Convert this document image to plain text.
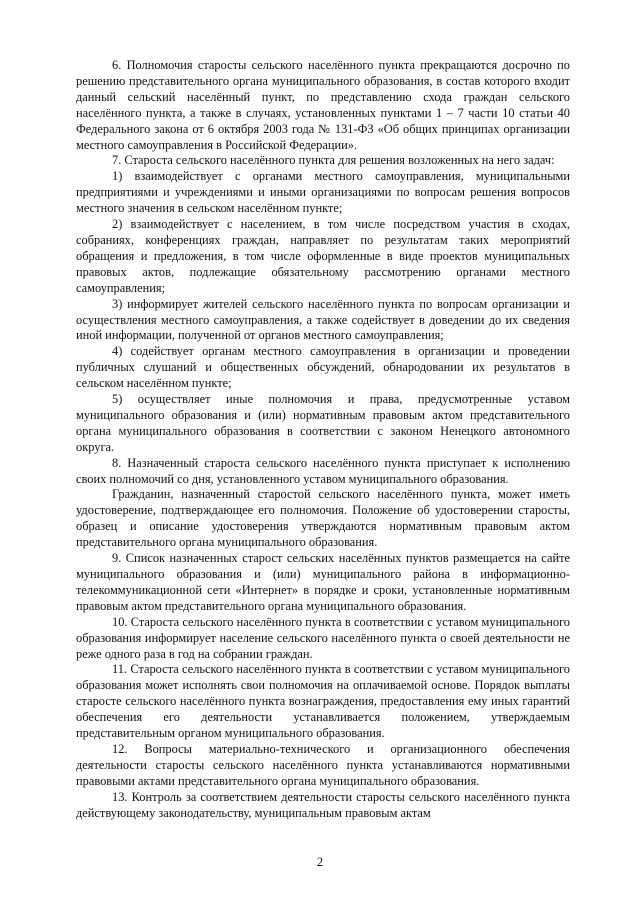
6. Полномочия старосты сельского населённого пункта прекращаются досрочно по решению представительного органа муниципального образования, в состав которого входит данный сельский населённый пункт, по представлению схода граждан сельского населённого пункта, а также в случаях, установленных пунктами 1 – 7 части 10 статьи 40 Федерального закона от 6 октября 2003 года № 131-ФЗ «Об общих принципах организации местного самоуправления в Российской Федерации».

7. Староста сельского населённого пункта для решения возложенных на него задач:

1) взаимодействует с органами местного самоуправления, муниципальными предприятиями и учреждениями и иными организациями по вопросам решения вопросов местного значения в сельском населённом пункте;

2) взаимодействует с населением, в том числе посредством участия в сходах, собраниях, конференциях граждан, направляет по результатам таких мероприятий обращения и предложения, в том числе оформленные в виде проектов муниципальных правовых актов, подлежащие обязательному рассмотрению органами местного самоуправления;

3) информирует жителей сельского населённого пункта по вопросам организации и осуществления местного самоуправления, а также содействует в доведении до их сведения иной информации, полученной от органов местного самоуправления;

4) содействует органам местного самоуправления в организации и проведении публичных слушаний и общественных обсуждений, обнародовании их результатов в сельском населённом пункте;

5) осуществляет иные полномочия и права, предусмотренные уставом муниципального образования и (или) нормативным правовым актом представительного органа муниципального образования в соответствии с законом Ненецкого автономного округа.

8. Назначенный староста сельского населённого пункта приступает к исполнению своих полномочий со дня, установленного уставом муниципального образования.

Гражданин, назначенный старостой сельского населённого пункта, может иметь удостоверение, подтверждающее его полномочия. Положение об удостоверении старосты, образец и описание удостоверения утверждаются нормативным правовым актом представительного органа муниципального образования.

9. Список назначенных старост сельских населённых пунктов размещается на сайте муниципального образования и (или) муниципального района в информационно-телекоммуникационной сети «Интернет» в порядке и сроки, установленные нормативным правовым актом представительного органа муниципального образования.

10. Староста сельского населённого пункта в соответствии с уставом муниципального образования информирует население сельского населённого пункта о своей деятельности не реже одного раза в год на собрании граждан.

11. Староста сельского населённого пункта в соответствии с уставом муниципального образования может исполнять свои полномочия на оплачиваемой основе. Порядок выплаты старосте сельского населённого пункта вознаграждения, предоставления ему иных гарантий обеспечения его деятельности устанавливается положением, утверждаемым представительным органом муниципального образования.

12. Вопросы материально-технического и организационного обеспечения деятельности старосты сельского населённого пункта устанавливаются нормативными правовыми актами представительного органа муниципального образования.

13. Контроль за соответствием деятельности старосты сельского населённого пункта действующему законодательству, муниципальным правовым актам

2
